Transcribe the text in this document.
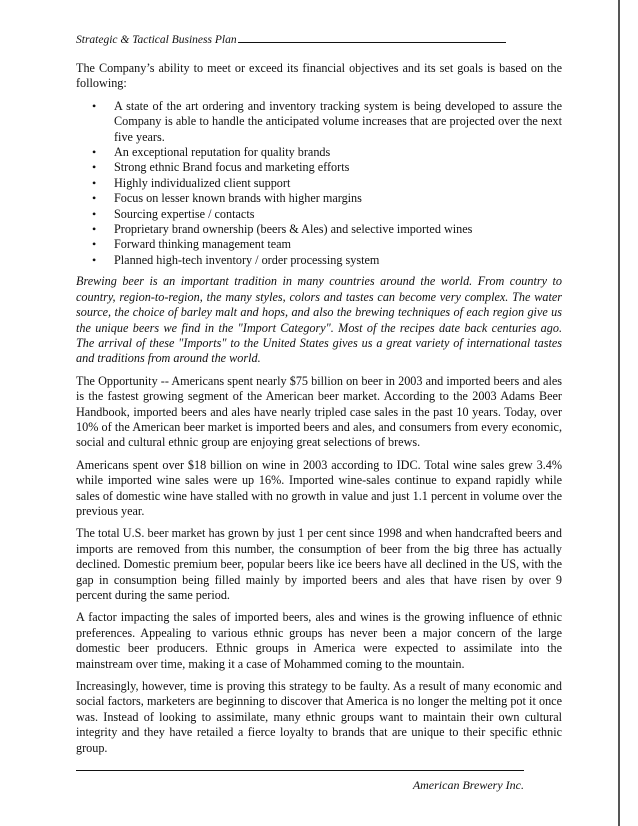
Strategic & Tactical Business Plan

The Company’s ability to meet or exceed its financial objectives and its set goals is based on the following:

• A state of the art ordering and inventory tracking system is being developed to assure the Company is able to handle the anticipated volume increases that are projected over the next five years.
• An exceptional reputation for quality brands
• Strong ethnic Brand focus and marketing efforts
• Highly individualized client support
• Focus on lesser known brands with higher margins
• Sourcing expertise / contacts
• Proprietary brand ownership (beers & Ales) and selective imported wines
• Forward thinking management team
• Planned high-tech inventory / order processing system

Brewing beer is an important tradition in many countries around the world. From country to country, region-to-region, the many styles, colors and tastes can become very complex. The water source, the choice of barley malt and hops, and also the brewing techniques of each region give us the unique beers we find in the "Import Category". Most of the recipes date back centuries ago. The arrival of these "Imports" to the United States gives us a great variety of international tastes and traditions from around the world.

The Opportunity -- Americans spent nearly $75 billion on beer in 2003 and imported beers and ales is the fastest growing segment of the American beer market. According to the 2003 Adams Beer Handbook, imported beers and ales have nearly tripled case sales in the past 10 years. Today, over 10% of the American beer market is imported beers and ales, and consumers from every economic, social and cultural ethnic group are enjoying great selections of brews.

Americans spent over $18 billion on wine in 2003 according to IDC. Total wine sales grew 3.4% while imported wine sales were up 16%. Imported wine-sales continue to expand rapidly while sales of domestic wine have stalled with no growth in value and just 1.1 percent in volume over the previous year.

The total U.S. beer market has grown by just 1 per cent since 1998 and when handcrafted beers and imports are removed from this number, the consumption of beer from the big three has actually declined. Domestic premium beer, popular beers like ice beers have all declined in the US, with the gap in consumption being filled mainly by imported beers and ales that have risen by over 9 percent during the same period.

A factor impacting the sales of imported beers, ales and wines is the growing influence of ethnic preferences. Appealing to various ethnic groups has never been a major concern of the large domestic beer producers. Ethnic groups in America were expected to assimilate into the mainstream over time, making it a case of Mohammed coming to the mountain.

Increasingly, however, time is proving this strategy to be faulty. As a result of many economic and social factors, marketers are beginning to discover that America is no longer the melting pot it once was. Instead of looking to assimilate, many ethnic groups want to maintain their own cultural integrity and they have retailed a fierce loyalty to brands that are unique to their specific ethnic group.

American Brewery Inc.
